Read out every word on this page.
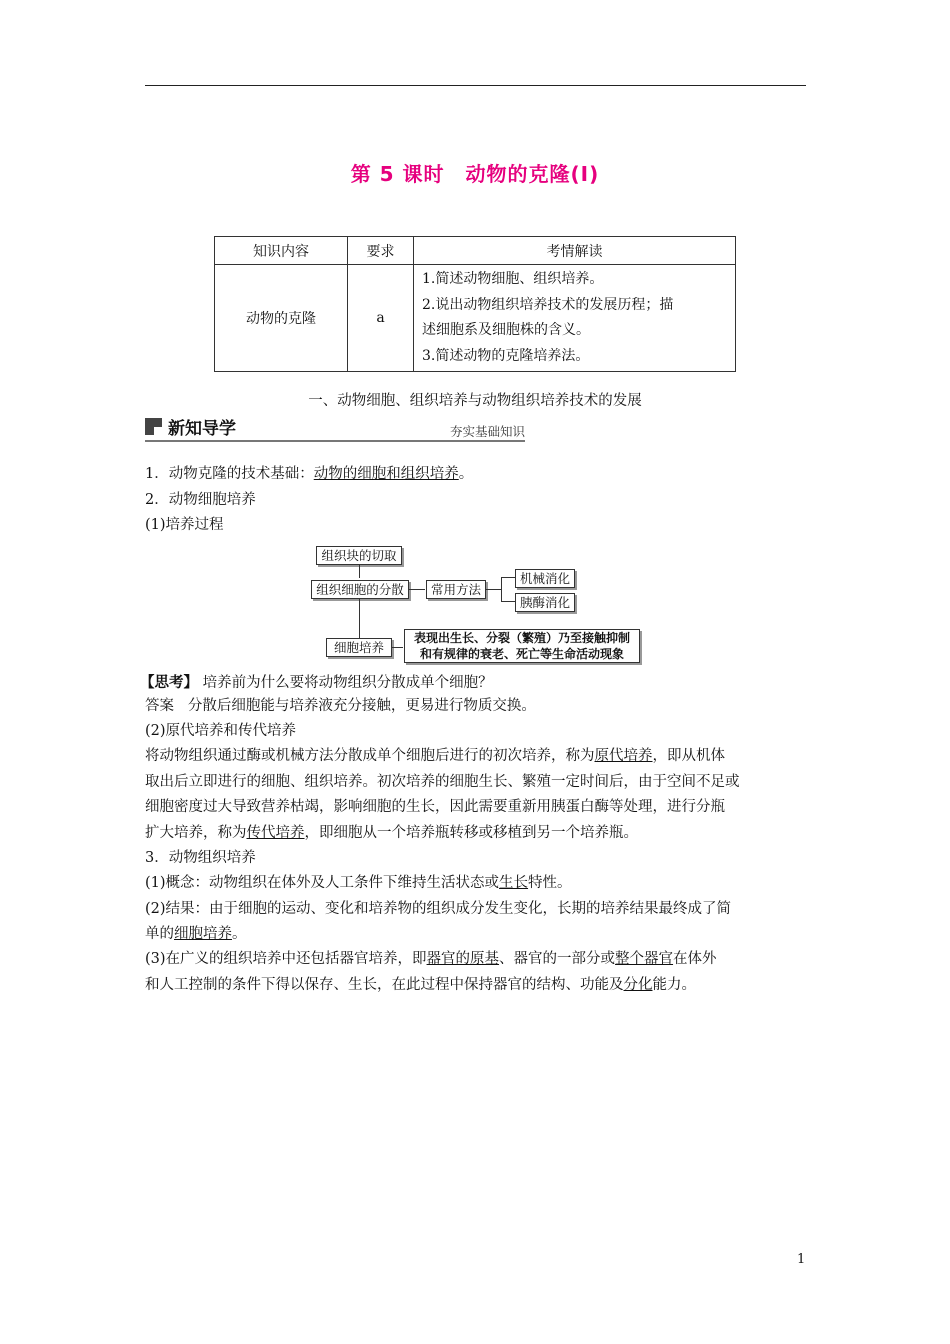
第 5 课时　动物的克隆(Ⅰ)
知识内容	要求	考情解读
动物的克隆	a	1.简述动物细胞、组织培养。
2.说出动物组织培养技术的发展历程；描
述细胞系及细胞株的含义。
3.简述动物的克隆培养法。
一、动物细胞、组织培养与动物组织培养技术的发展
新知导学	夯实基础知识
1．动物克隆的技术基础：动物的细胞和组织培养。
2．动物细胞培养
(1)培养过程
组织块的切取
组织细胞的分散	常用方法
机械消化
胰酶消化
细胞培养
表现出生长、分裂（繁殖）乃至接触抑制
和有规律的衰老、死亡等生命活动现象
【思考】 培养前为什么要将动物组织分散成单个细胞？
答案 分散后细胞能与培养液充分接触，更易进行物质交换。
(2)原代培养和传代培养
将动物组织通过酶或机械方法分散成单个细胞后进行的初次培养，称为原代培养，即从机体
取出后立即进行的细胞、组织培养。初次培养的细胞生长、繁殖一定时间后，由于空间不足或
细胞密度过大导致营养枯竭，影响细胞的生长，因此需要重新用胰蛋白酶等处理，进行分瓶
扩大培养，称为传代培养，即细胞从一个培养瓶转移或移植到另一个培养瓶。
3．动物组织培养
(1)概念：动物组织在体外及人工条件下维持生活状态或生长特性。
(2)结果：由于细胞的运动、变化和培养物的组织成分发生变化，长期的培养结果最终成了简
单的细胞培养。
(3)在广义的组织培养中还包括器官培养，即器官的原基、器官的一部分或整个器官在体外
和人工控制的条件下得以保存、生长，在此过程中保持器官的结构、功能及分化能力。
1
